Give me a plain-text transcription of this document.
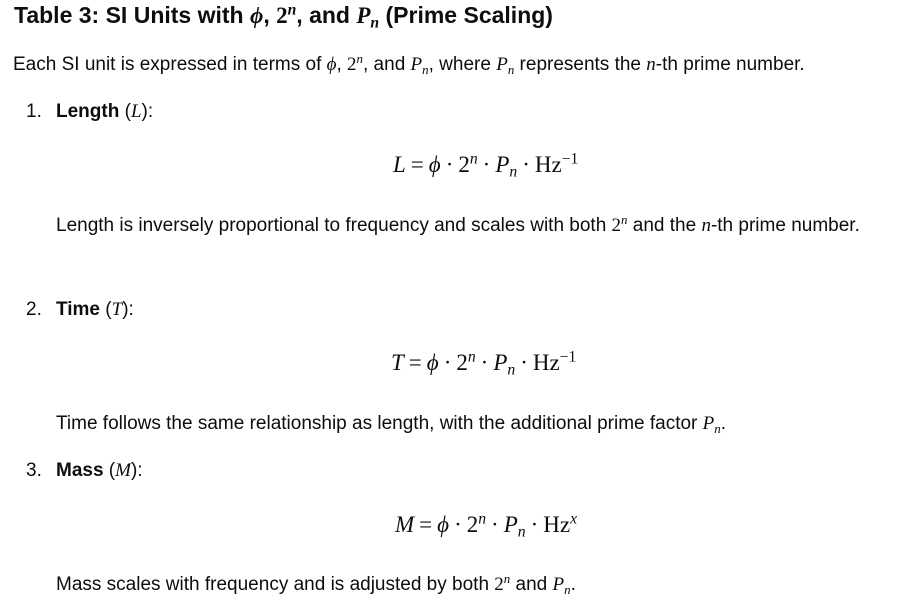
Table 3: SI Units with ϕ, 2$^n$, and $P_n$ (Prime Scaling)
Each SI unit is expressed in terms of ϕ, 2$^n$, and $P_n$, where $P_n$ represents the n-th prime number.
1. Length (L):
$L = \phi \cdot 2^n \cdot P_n \cdot Hz^{-1}$
Length is inversely proportional to frequency and scales with both 2$^n$ and the n-th prime number.
2. Time (T):
$T = \phi \cdot 2^n \cdot P_n \cdot Hz^{-1}$
Time follows the same relationship as length, with the additional prime factor $P_n$.
3. Mass (M):
$M = \phi \cdot 2^n \cdot P_n \cdot Hz^x$
Mass scales with frequency and is adjusted by both 2$^n$ and $P_n$.
